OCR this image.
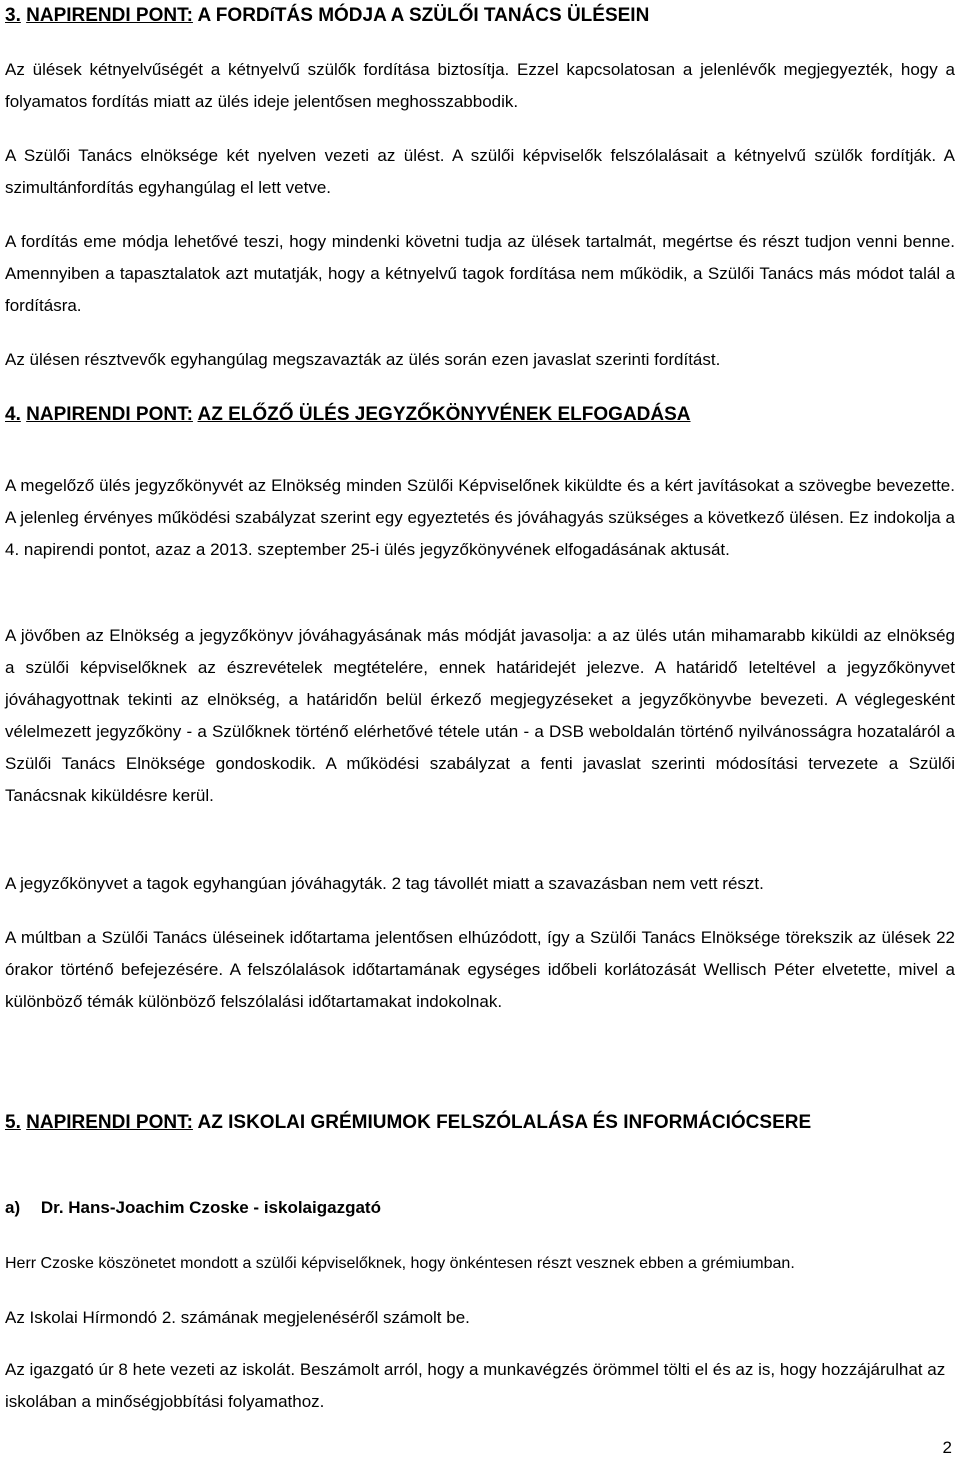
3. NAPIRENDI PONT: A FORDíTÁS MÓDJA A SZÜLŐI TANÁCS ÜLÉSEIN

Az ülések kétnyelvűségét a kétnyelvű szülők fordítása biztosítja. Ezzel kapcsolatosan a jelenlévők megjegyezték, hogy a folyamatos fordítás miatt az ülés ideje jelentősen meghosszabbodik.

A Szülői Tanács elnöksége két nyelven vezeti az ülést. A szülői képviselők felszólalásait a kétnyelvű szülők fordítják. A szimultánfordítás egyhangúlag el lett vetve.

A fordítás eme módja lehetővé teszi, hogy mindenki követni tudja az ülések tartalmát, megértse és részt tudjon venni benne. Amennyiben a tapasztalatok azt mutatják, hogy a kétnyelvű tagok fordítása nem működik, a Szülői Tanács más módot talál a fordításra.

Az ülésen résztvevők egyhangúlag megszavazták az ülés során ezen javaslat szerinti fordítást.

4. NAPIRENDI PONT: AZ ELŐZŐ ÜLÉS JEGYZŐKÖNYVÉNEK ELFOGADÁSA

A megelőző ülés jegyzőkönyvét az Elnökség minden Szülői Képviselőnek kiküldte és a kért javításokat a szövegbe bevezette. A jelenleg érvényes működési szabályzat szerint egy egyeztetés és jóváhagyás szükséges a következő ülésen. Ez indokolja a 4. napirendi pontot, azaz a 2013. szeptember 25-i ülés jegyzőkönyvének elfogadásának aktusát.

A jövőben az Elnökség a jegyzőkönyv jóváhagyásának más módját javasolja: a az ülés után mihamarabb kiküldi az elnökség a szülői képviselőknek az észrevételek megtételére, ennek határidejét jelezve. A határidő leteltével a jegyzőkönyvet jóváhagyottnak tekinti az elnökség, a határidőn belül érkező megjegyzéseket a jegyzőkönyvbe bevezeti. A véglegesként vélelmezett jegyzőköny - a Szülőknek történő elérhetővé tétele után - a DSB weboldalán történő nyilvánosságra hozataláról a Szülői Tanács Elnöksége gondoskodik. A működési szabályzat a fenti javaslat szerinti módosítási tervezete a Szülői Tanácsnak kiküldésre kerül.

A jegyzőkönyvet a tagok egyhangúan jóváhagyták. 2 tag távollét miatt a szavazásban nem vett részt.

A múltban a Szülői Tanács üléseinek időtartama jelentősen elhúzódott, így a Szülői Tanács Elnöksége törekszik az ülések 22 órakor történő befejezésére. A felszólalások időtartamának egységes időbeli korlátozását Wellisch Péter elvetette, mivel a különböző témák különböző felszólalási időtartamakat indokolnak.

5. NAPIRENDI PONT: AZ ISKOLAI GRÉMIUMOK FELSZÓLALÁSA ÉS INFORMÁCIÓCSERE
a) Dr. Hans-Joachim Czoske - iskolaigazgató

Herr Czoske köszönetet mondott a szülői képviselőknek, hogy önkéntesen részt vesznek ebben a grémiumban.

Az Iskolai Hírmondó 2. számának megjelenéséről számolt be.

Az igazgató úr 8 hete vezeti az iskolát. Beszámolt arról, hogy a munkavégzés örömmel tölti el és az is, hogy hozzájárulhat az iskolában a minőségjobbítási folyamathoz.

2
